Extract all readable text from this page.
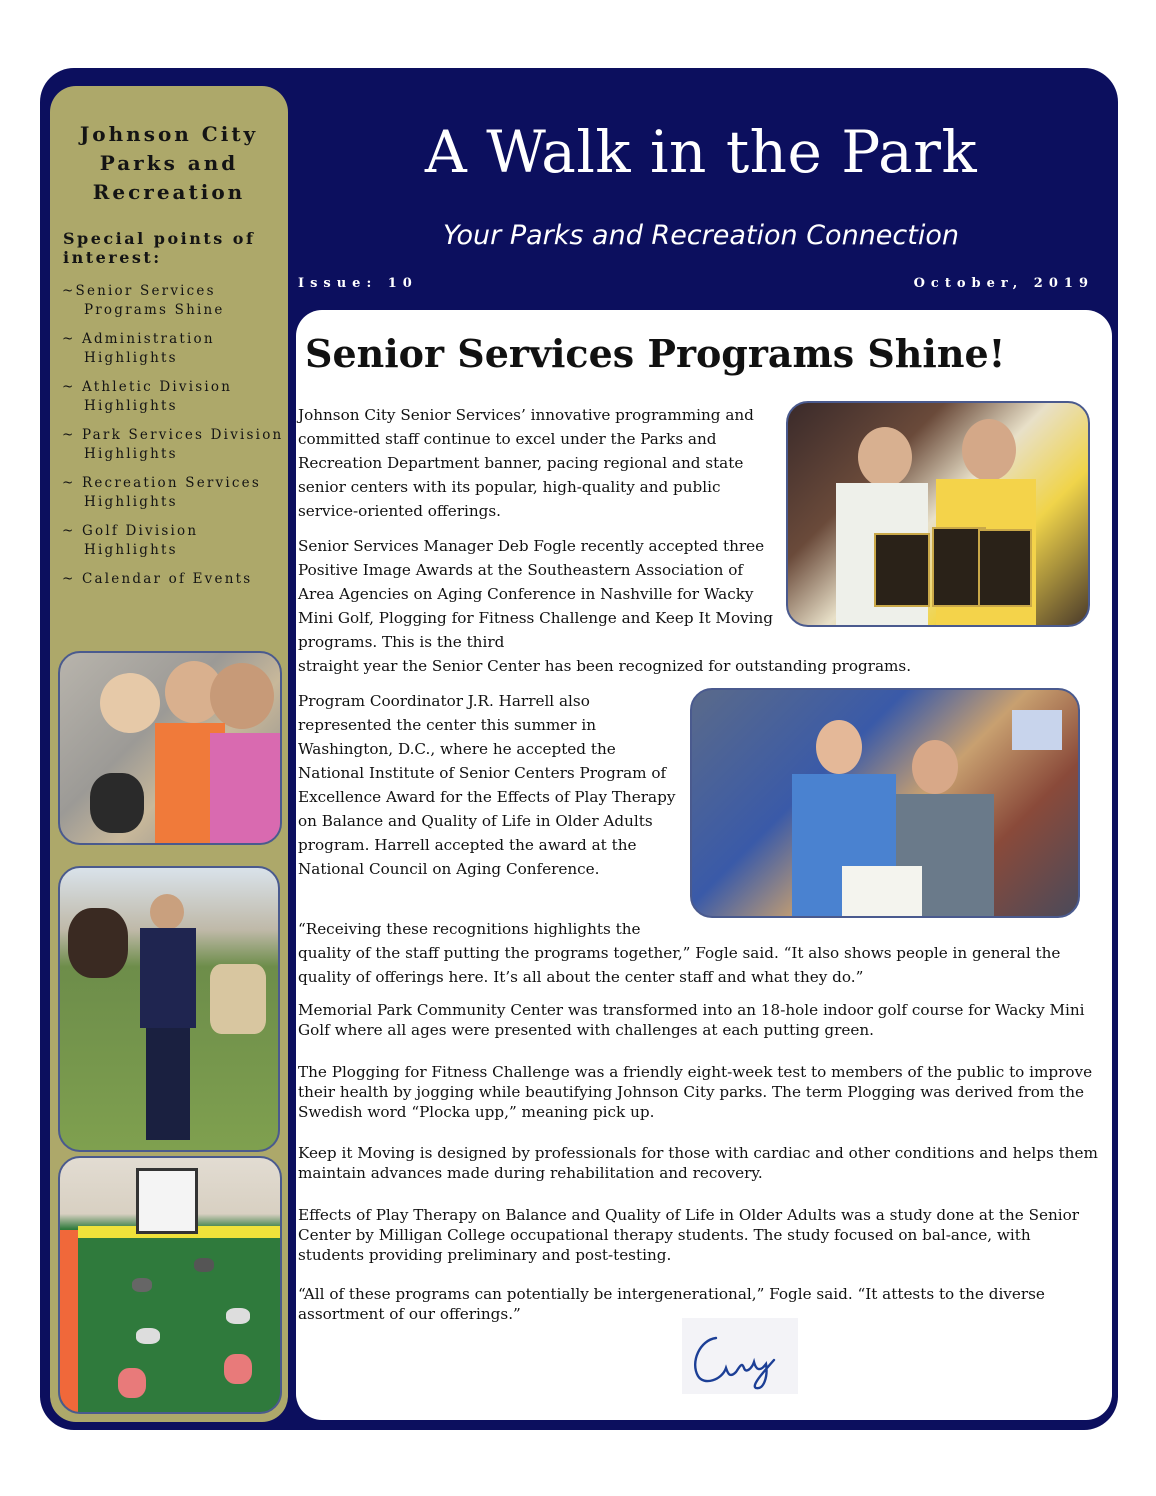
Johnson City
Parks and
Recreation
Special points of interest:
~Senior Services Programs Shine
~ Administration Highlights
~ Athletic Division Highlights
~ Park Services Division Highlights
~ Recreation Services Highlights
~ Golf Division Highlights
~ Calendar of Events
A Walk in the Park
Your Parks and Recreation Connection
Issue: 10	October, 2019
Senior Services Programs Shine!

Johnson City Senior Services’ innovative programming and committed staff continue to excel under the Parks and Recreation Department banner, pacing regional and state senior centers with its popular, high-quality and public service-oriented offerings.

Senior Services Manager Deb Fogle recently accepted three Positive Image Awards at the Southeastern Association of Area Agencies on Aging Conference in Nashville for Wacky Mini Golf, Plogging for Fitness Challenge and Keep It Moving programs. This is the third

straight year the Senior Center has been recognized for outstanding programs.

Program Coordinator J.R. Harrell also represented the center this summer in Washington, D.C., where he accepted the National Institute of Senior Centers Program of Excellence Award for the Effects of Play Therapy on Balance and Quality of Life in Older Adults program. Harrell accepted the award at the National Council on Aging Conference.

“Receiving these recognitions highlights the

quality of the staff putting the programs together,” Fogle said. “It also shows people in general the quality of offerings here. It’s all about the center staff and what they do.”

Memorial Park Community Center was transformed into an 18-hole indoor golf course for Wacky Mini Golf where all ages were presented with challenges at each putting green.

The Plogging for Fitness Challenge was a friendly eight-week test to members of the public to improve their health by jogging while beautifying Johnson City parks. The term Plogging was derived from the Swedish word “Plocka upp,” meaning pick up.

Keep it Moving is designed by professionals for those with cardiac and other conditions and helps them maintain advances made during rehabilitation and recovery.

Effects of Play Therapy on Balance and Quality of Life in Older Adults was a study done at the Senior Center by Milligan College occupational therapy students. The study focused on bal-ance, with students providing preliminary and post-testing.

“All of these programs can potentially be intergenerational,” Fogle said. “It attests to the diverse assortment of our offerings.”
